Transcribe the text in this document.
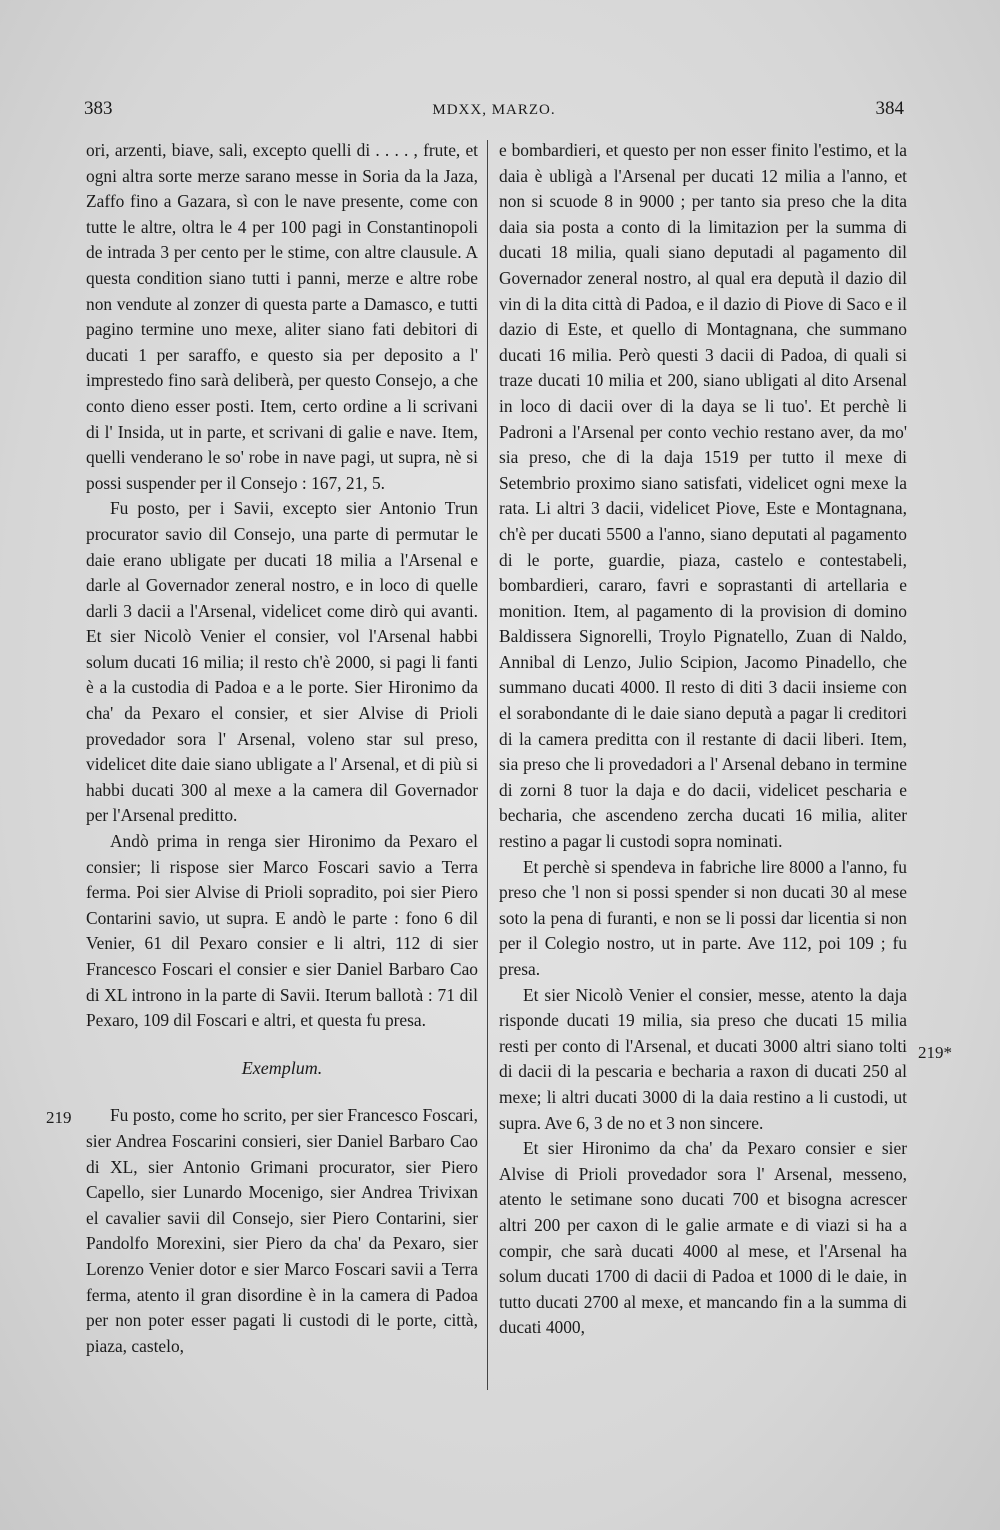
383	MDXX, MARZO.	384

ori, arzenti, biave, sali, excepto quelli di . . . . , frute, et ogni altra sorte merze sarano messe in Soria da la Jaza, Zaffo fino a Gazara, sì con le nave presente, come con tutte le altre, oltra le 4 per 100 pagi in Constantinopoli de intrada 3 per cento per le stime, con altre clausule. A questa condition siano tutti i panni, merze e altre robe non vendute al zonzer di questa parte a Damasco, e tutti pagino termine uno mexe, aliter siano fati debitori di ducati 1 per saraffo, e questo sia per deposito a l' imprestedo fino sarà deliberà, per questo Consejo, a che conto dieno esser posti. Item, certo ordine a li scrivani di l' Insida, ut in parte, et scrivani di galie e nave. Item, quelli venderano le so' robe in nave pagi, ut supra, nè si possi suspender per il Consejo : 167, 21, 5.

Fu posto, per i Savii, excepto sier Antonio Trun procurator savio dil Consejo, una parte di permutar le daie erano ubligate per ducati 18 milia a l'Arsenal e darle al Governador zeneral nostro, e in loco di quelle darli 3 dacii a l'Arsenal, videlicet come dirò qui avanti. Et sier Nicolò Venier el consier, vol l'Arsenal habbi solum ducati 16 milia; il resto ch'è 2000, si pagi li fanti è a la custodia di Padoa e a le porte. Sier Hironimo da cha' da Pexaro el consier, et sier Alvise di Prioli provedador sora l' Arsenal, voleno star sul preso, videlicet dite daie siano ubligate a l' Arsenal, et di più si habbi ducati 300 al mexe a la camera dil Governador per l'Arsenal preditto.

Andò prima in renga sier Hironimo da Pexaro el consier; li rispose sier Marco Foscari savio a Terra ferma. Poi sier Alvise di Prioli sopradito, poi sier Piero Contarini savio, ut supra. E andò le parte : fono 6 dil Venier, 61 dil Pexaro consier e li altri, 112 di sier Francesco Foscari el consier e sier Daniel Barbaro Cao di XL introno in la parte di Savii. Iterum ballotà : 71 dil Pexaro, 109 dil Foscari e altri, et questa fu presa.

Exemplum.

Fu posto, come ho scrito, per sier Francesco Foscari, sier Andrea Foscarini consieri, sier Daniel Barbaro Cao di XL, sier Antonio Grimani procurator, sier Piero Capello, sier Lunardo Mocenigo, sier Andrea Trivixan el cavalier savii dil Consejo, sier Piero Contarini, sier Pandolfo Morexini, sier Piero da cha' da Pexaro, sier Lorenzo Venier dotor e sier Marco Foscari savii a Terra ferma, atento il gran disordine è in la camera di Padoa per non poter esser pagati li custodi di le porte, città, piaza, castelo,

e bombardieri, et questo per non esser finito l'estimo, et la daia è ubligà a l'Arsenal per ducati 12 milia a l'anno, et non si scuode 8 in 9000 ; per tanto sia preso che la dita daia sia posta a conto di la limitazion per la summa di ducati 18 milia, quali siano deputadi al pagamento dil Governador zeneral nostro, al qual era deputà il dazio dil vin di la dita città di Padoa, e il dazio di Piove di Saco e il dazio di Este, et quello di Montagnana, che summano ducati 16 milia. Però questi 3 dacii di Padoa, di quali si traze ducati 10 milia et 200, siano ubligati al dito Arsenal in loco di dacii over di la daya se li tuo'. Et perchè li Padroni a l'Arsenal per conto vechio restano aver, da mo' sia preso, che di la daja 1519 per tutto il mexe di Setembrio proximo siano satisfati, videlicet ogni mexe la rata. Li altri 3 dacii, videlicet Piove, Este e Montagnana, ch'è per ducati 5500 a l'anno, siano deputati al pagamento di le porte, guardie, piaza, castelo e contestabeli, bombardieri, cararo, favri e soprastanti di artellaria e monition. Item, al pagamento di la provision di domino Baldissera Signorelli, Troylo Pignatello, Zuan di Naldo, Annibal di Lenzo, Julio Scipion, Jacomo Pinadello, che summano ducati 4000. Il resto di diti 3 dacii insieme con el sorabondante di le daie siano deputà a pagar li creditori di la camera preditta con il restante di dacii liberi. Item, sia preso che li provedadori a l' Arsenal debano in termine di zorni 8 tuor la daja e do dacii, videlicet pescharia e becharia, che ascendeno zercha ducati 16 milia, aliter restino a pagar li custodi sopra nominati.

Et perchè si spendeva in fabriche lire 8000 a l'anno, fu preso che 'l non si possi spender si non ducati 30 al mese soto la pena di furanti, e non se li possi dar licentia si non per il Colegio nostro, ut in parte. Ave 112, poi 109 ; fu presa.

Et sier Nicolò Venier el consier, messe, atento la daja risponde ducati 19 milia, sia preso che ducati 15 milia resti per conto di l'Arsenal, et ducati 3000 altri siano tolti di dacii di la pescaria e becharia a raxon di ducati 250 al mexe; li altri ducati 3000 di la daia restino a li custodi, ut supra. Ave 6, 3 de no et 3 non sincere.

Et sier Hironimo da cha' da Pexaro consier e sier Alvise di Prioli provedador sora l' Arsenal, messeno, atento le setimane sono ducati 700 et bisogna acrescer altri 200 per caxon di le galie armate e di viazi si ha a compir, che sarà ducati 4000 al mese, et l'Arsenal ha solum ducati 1700 di dacii di Padoa et 1000 di le daie, in tutto ducati 2700 al mexe, et mancando fin a la summa di ducati 4000,

219
219*
